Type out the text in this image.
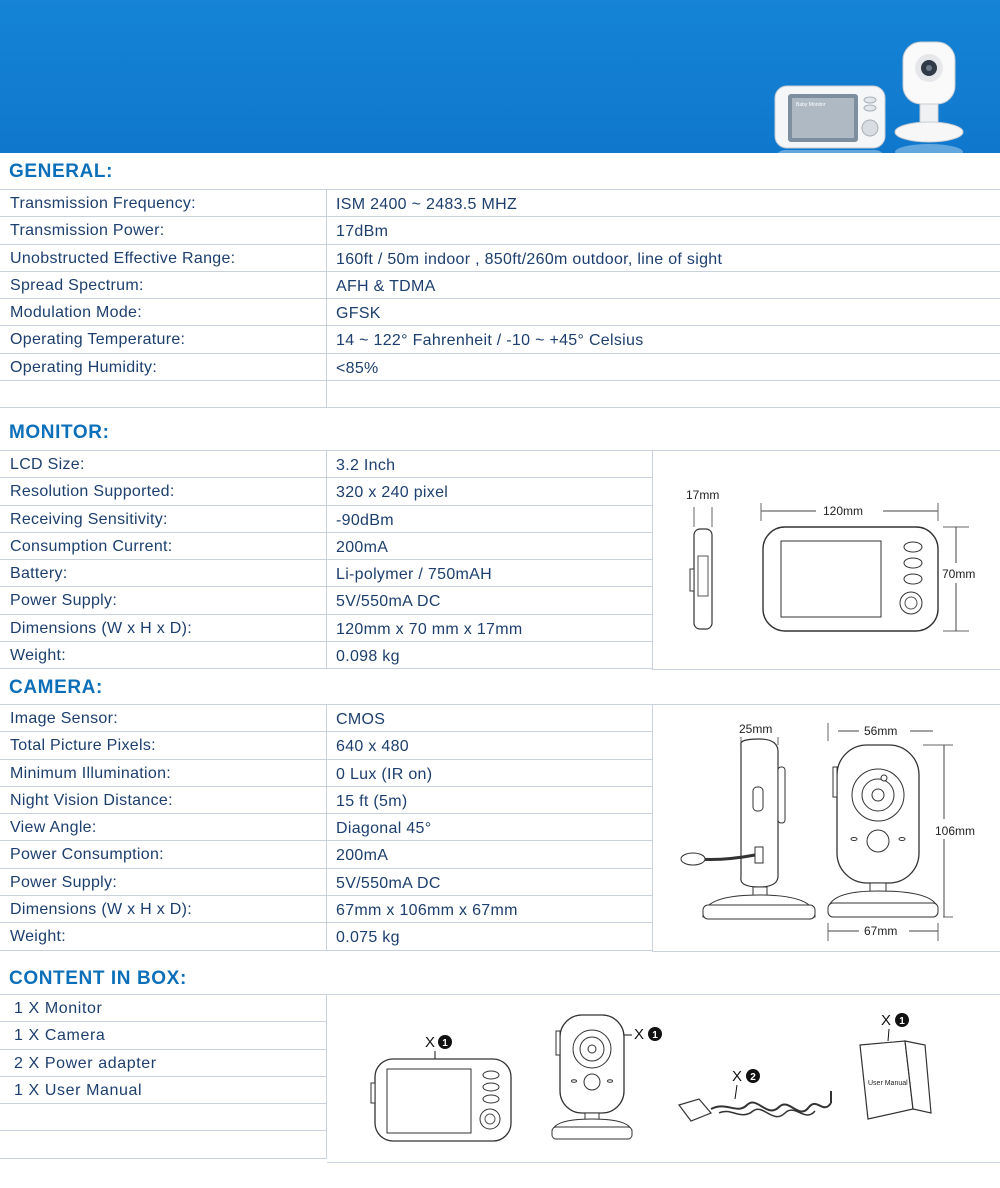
Baby Monitor
GENERAL:
Transmission Frequency:	ISM 2400 ~ 2483.5 MHZ
Transmission Power:	17dBm
Unobstructed Effective Range:	160ft / 50m indoor , 850ft/260m outdoor, line of sight
Spread Spectrum:	AFH & TDMA
Modulation Mode:	GFSK
Operating Temperature:	14 ~ 122° Fahrenheit / -10 ~ +45° Celsius
Operating Humidity:	<85%
MONITOR:
LCD Size:	3.2 Inch
Resolution Supported:	320 x 240 pixel
Receiving Sensitivity:	-90dBm
Consumption Current:	200mA
Battery:	Li-polymer / 750mAH
Power Supply:	5V/550mA DC
Dimensions (W x H x D):	120mm x 70 mm x 17mm
Weight:	0.098 kg
17mm
120mm
70mm
CAMERA:
Image Sensor:	CMOS
Total Picture Pixels:	640 x 480
Minimum Illumination:	0 Lux (IR on)
Night Vision Distance:	15 ft (5m)
View Angle:	Diagonal 45°
Power Consumption:	200mA
Power Supply:	5V/550mA DC
Dimensions (W x H x D):	67mm x 106mm x 67mm
Weight:	0.075 kg
25mm	56mm
106mm
67mm
CONTENT IN BOX:
1 X Monitor
1 X Camera
2 X Power adapter
1 X User Manual
X 1
X 1
X 2
X 1
User Manual
